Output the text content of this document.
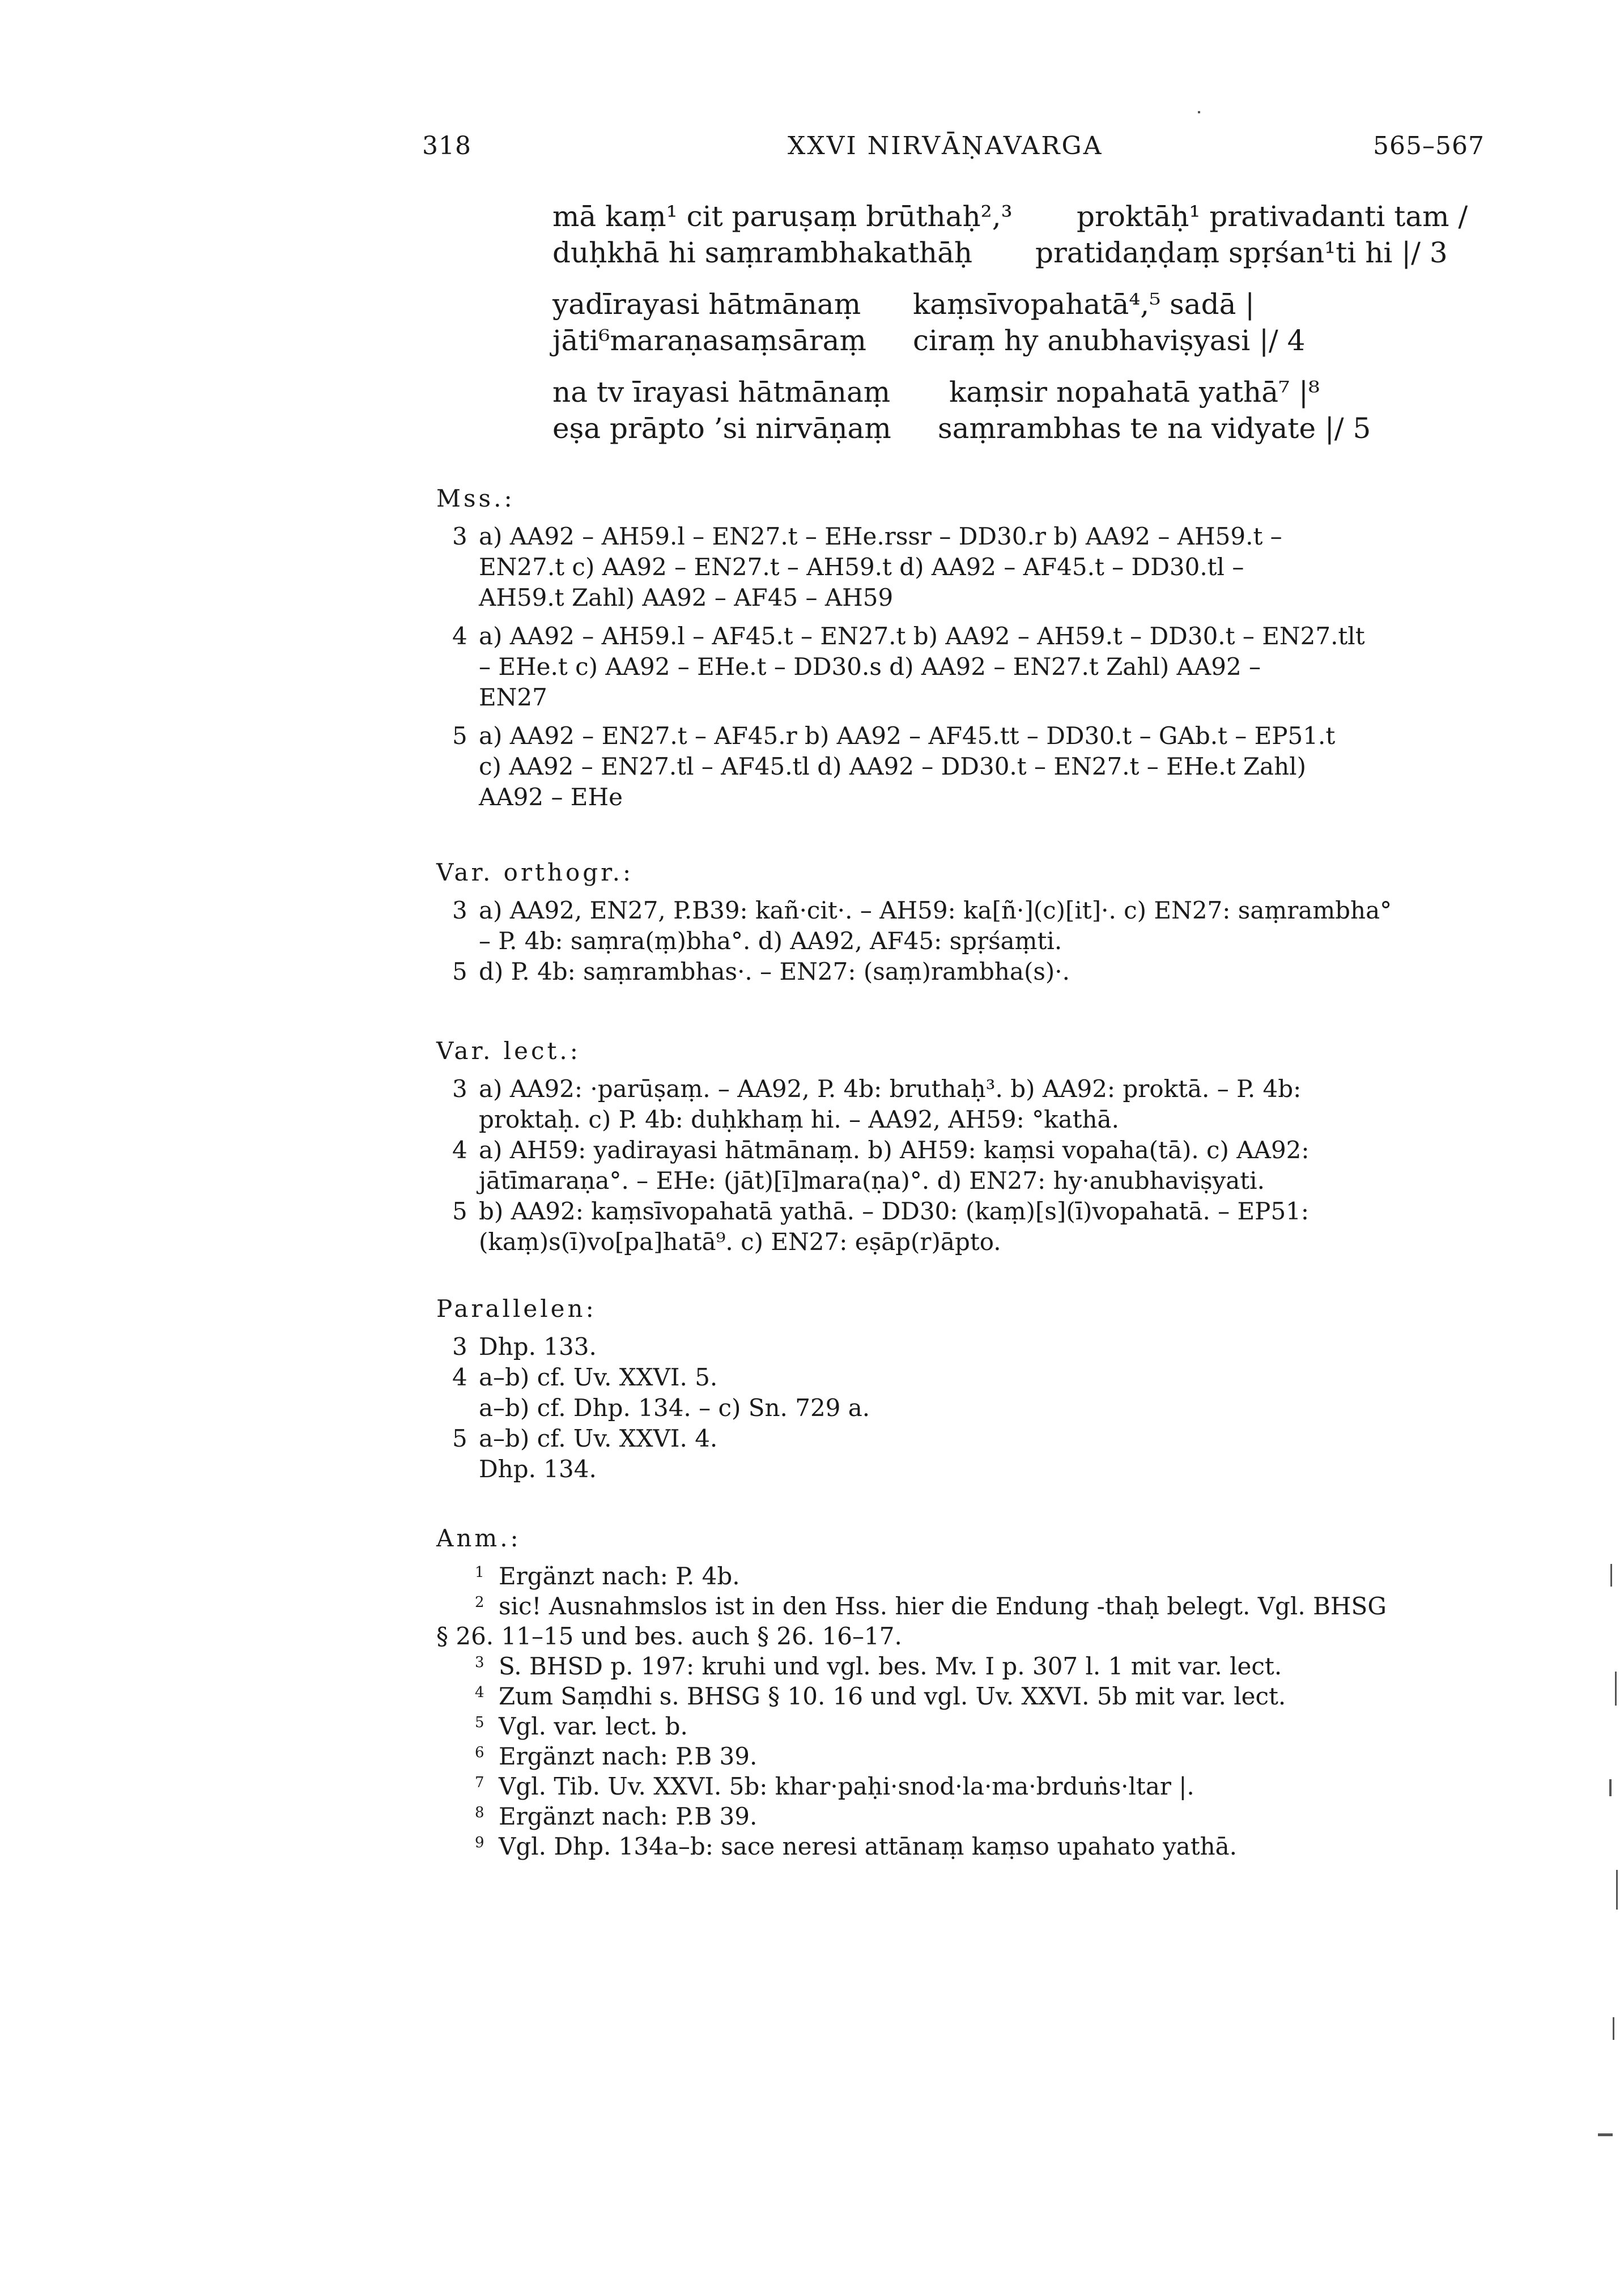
318	XXVI NIRVĀṆAVARGA	565–567
mā kaṃ¹ cit paruṣaṃ brūthaḥ²,³ proktāḥ¹ prativadanti tam /
duḥkhā hi saṃrambhakathāḥ pratidaṇḍaṃ spṛśan¹ti hi |/ 3
yadīrayasi hātmānaṃ kaṃsīvopahatā⁴,⁵ sadā |
jāti⁶maraṇasaṃsāraṃ ciraṃ hy anubhaviṣyasi |/ 4
na tv īrayasi hātmānaṃ kaṃsir nopahatā yathā⁷ |⁸
eṣa prāpto ’si nirvāṇaṃ saṃrambhas te na vidyate |/ 5
Mss.:
3 a) AA92 – AH59.l – EN27.t – EHe.rssr – DD30.r b) AA92 – AH59.t –

EN27.t c) AA92 – EN27.t – AH59.t d) AA92 – AF45.t – DD30.tl –

AH59.t Zahl) AA92 – AF45 – AH59

4 a) AA92 – AH59.l – AF45.t – EN27.t b) AA92 – AH59.t – DD30.t – EN27.tlt

– EHe.t c) AA92 – EHe.t – DD30.s d) AA92 – EN27.t Zahl) AA92 –

EN27

5 a) AA92 – EN27.t – AF45.r b) AA92 – AF45.tt – DD30.t – GAb.t – EP51.t

c) AA92 – EN27.tl – AF45.tl d) AA92 – DD30.t – EN27.t – EHe.t Zahl)

AA92 – EHe

Var. orthogr.:
3 a) AA92, EN27, P.B39: kañ·cit·. – AH59: ka[ñ·](c)[it]·. c) EN27: saṃrambha°

– P. 4b: saṃra(ṃ)bha°. d) AA92, AF45: spṛśaṃti.

5 d) P. 4b: saṃrambhas·. – EN27: (saṃ)rambha(s)·.

Var. lect.:
3 a) AA92: ·parūṣaṃ. – AA92, P. 4b: bruthaḥ³. b) AA92: proktā. – P. 4b:

proktaḥ. c) P. 4b: duḥkhaṃ hi. – AA92, AH59: °kathā.

4 a) AH59: yadirayasi hātmānaṃ. b) AH59: kaṃsi vopaha(tā). c) AA92:

jātīmaraṇa°. – EHe: (jāt)[ī]mara(ṇa)°. d) EN27: hy·anubhaviṣyati.

5 b) AA92: kaṃsīvopahatā yathā. – DD30: (kaṃ)[s](ī)vopahatā. – EP51:

(kaṃ)s(ī)vo[pa]hatā⁹. c) EN27: eṣāp(r)āpto.

Parallelen:
3 Dhp. 133.

4 a–b) cf. Uv. XXVI. 5.

a–b) cf. Dhp. 134. – c) Sn. 729 a.

5 a–b) cf. Uv. XXVI. 4.

Dhp. 134.

Anm.:
1 Ergänzt nach: P. 4b.
2 sic! Ausnahmslos ist in den Hss. hier die Endung -thaḥ belegt. Vgl. BHSG
§ 26. 11–15 und bes. auch § 26. 16–17.
3 S. BHSD p. 197: kruhi und vgl. bes. Mv. I p. 307 l. 1 mit var. lect.
4 Zum Saṃdhi s. BHSG § 10. 16 und vgl. Uv. XXVI. 5b mit var. lect.
5 Vgl. var. lect. b.
6 Ergänzt nach: P.B 39.
7 Vgl. Tib. Uv. XXVI. 5b: khar·paḥi·snod·la·ma·brduṅs·ltar |.
8 Ergänzt nach: P.B 39.
9 Vgl. Dhp. 134a–b: sace neresi attānaṃ kaṃso upahato yathā.
